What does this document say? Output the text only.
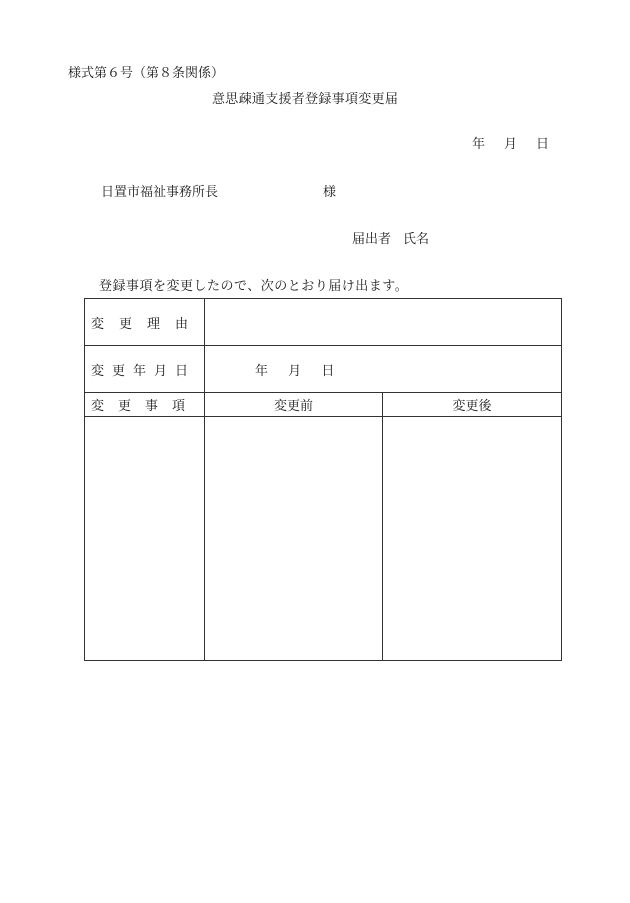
様式第６号（第８条関係）
意思疎通支援者登録事項変更届
年 月 日
日置市福祉事務所長	様
届出者 氏名
登録事項を変更したので、次のとおり届け出ます。
変更理由		
変更年月日	年 月 日	
変更事項	変更前	変更後
